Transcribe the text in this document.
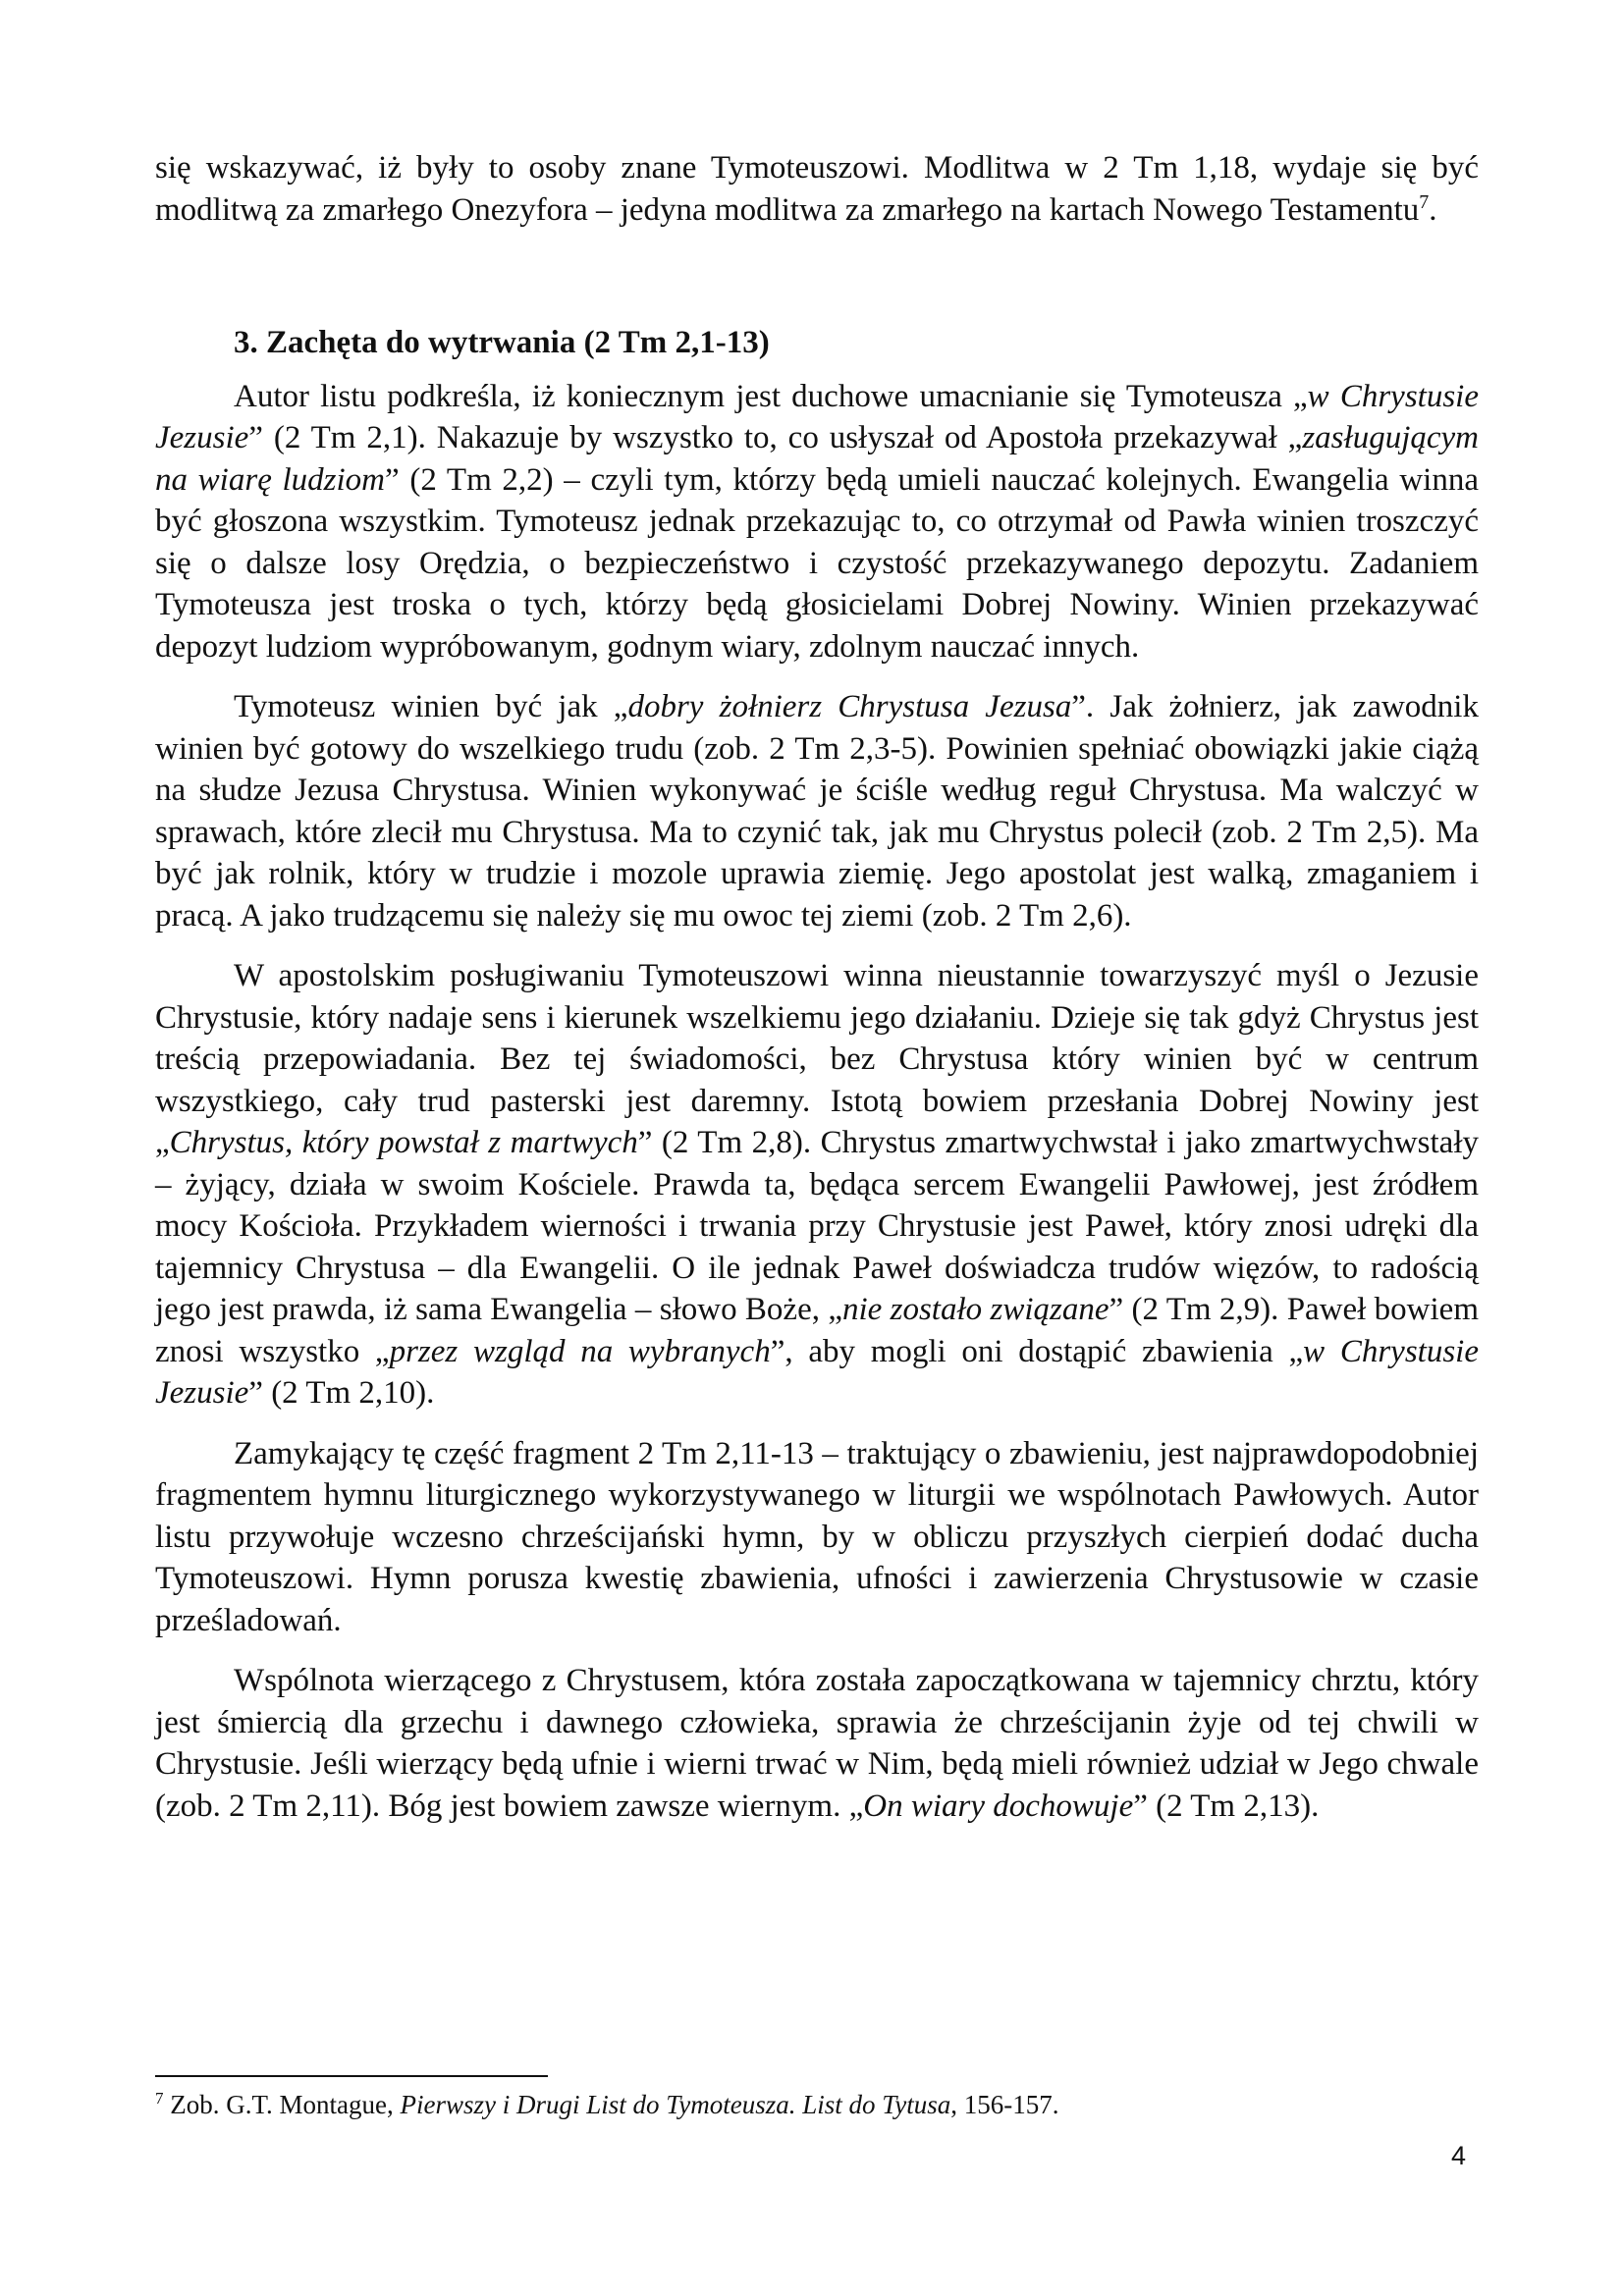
się wskazywać, iż były to osoby znane Tymoteuszowi. Modlitwa w 2 Tm 1,18, wydaje się być modlitwą za zmarłego Onezyfora – jedyna modlitwa za zmarłego na kartach Nowego Testamentu$^7$.

3. Zachęta do wytrwania (2 Tm 2,1-13)

Autor listu podkreśla, iż koniecznym jest duchowe umacnianie się Tymoteusza „w Chrystusie Jezusie” (2 Tm 2,1). Nakazuje by wszystko to, co usłyszał od Apostoła przekazywał „zasługującym na wiarę ludziom” (2 Tm 2,2) – czyli tym, którzy będą umieli nauczać kolejnych. Ewangelia winna być głoszona wszystkim. Tymoteusz jednak przekazując to, co otrzymał od Pawła winien troszczyć się o dalsze losy Orędzia, o bezpieczeństwo i czystość przekazywanego depozytu. Zadaniem Tymoteusza jest troska o tych, którzy będą głosicielami Dobrej Nowiny. Winien przekazywać depozyt ludziom wypróbowanym, godnym wiary, zdolnym nauczać innych.

Tymoteusz winien być jak „dobry żołnierz Chrystusa Jezusa”. Jak żołnierz, jak zawodnik winien być gotowy do wszelkiego trudu (zob. 2 Tm 2,3-5). Powinien spełniać obowiązki jakie ciążą na słudze Jezusa Chrystusa. Winien wykonywać je ściśle według reguł Chrystusa. Ma walczyć w sprawach, które zlecił mu Chrystusa. Ma to czynić tak, jak mu Chrystus polecił (zob. 2 Tm 2,5). Ma być jak rolnik, który w trudzie i mozole uprawia ziemię. Jego apostolat jest walką, zmaganiem i pracą. A jako trudzącemu się należy się mu owoc tej ziemi (zob. 2 Tm 2,6).

W apostolskim posługiwaniu Tymoteuszowi winna nieustannie towarzyszyć myśl o Jezusie Chrystusie, który nadaje sens i kierunek wszelkiemu jego działaniu. Dzieje się tak gdyż Chrystus jest treścią przepowiadania. Bez tej świadomości, bez Chrystusa który winien być w centrum wszystkiego, cały trud pasterski jest daremny. Istotą bowiem przesłania Dobrej Nowiny jest „Chrystus, który powstał z martwych” (2 Tm 2,8). Chrystus zmartwychwstał i jako zmartwychwstały – żyjący, działa w swoim Kościele. Prawda ta, będąca sercem Ewangelii Pawłowej, jest źródłem mocy Kościoła. Przykładem wierności i trwania przy Chrystusie jest Paweł, który znosi udręki dla tajemnicy Chrystusa – dla Ewangelii. O ile jednak Paweł doświadcza trudów więzów, to radością jego jest prawda, iż sama Ewangelia – słowo Boże, „nie zostało związane” (2 Tm 2,9). Paweł bowiem znosi wszystko „przez wzgląd na wybranych”, aby mogli oni dostąpić zbawienia „w Chrystusie Jezusie” (2 Tm 2,10).

Zamykający tę część fragment 2 Tm 2,11-13 – traktujący o zbawieniu, jest najprawdopodobniej fragmentem hymnu liturgicznego wykorzystywanego w liturgii we wspólnotach Pawłowych. Autor listu przywołuje wczesno chrześcijański hymn, by w obliczu przyszłych cierpień dodać ducha Tymoteuszowi. Hymn porusza kwestię zbawienia, ufności i zawierzenia Chrystusowie w czasie prześladowań.

Wspólnota wierzącego z Chrystusem, która została zapoczątkowana w tajemnicy chrztu, który jest śmiercią dla grzechu i dawnego człowieka, sprawia że chrześcijanin żyje od tej chwili w Chrystusie. Jeśli wierzący będą ufnie i wierni trwać w Nim, będą mieli również udział w Jego chwale (zob. 2 Tm 2,11). Bóg jest bowiem zawsze wiernym. „On wiary dochowuje” (2 Tm 2,13).

$^7$ Zob. G.T. Montague, Pierwszy i Drugi List do Tymoteusza. List do Tytusa, 156-157.
4
